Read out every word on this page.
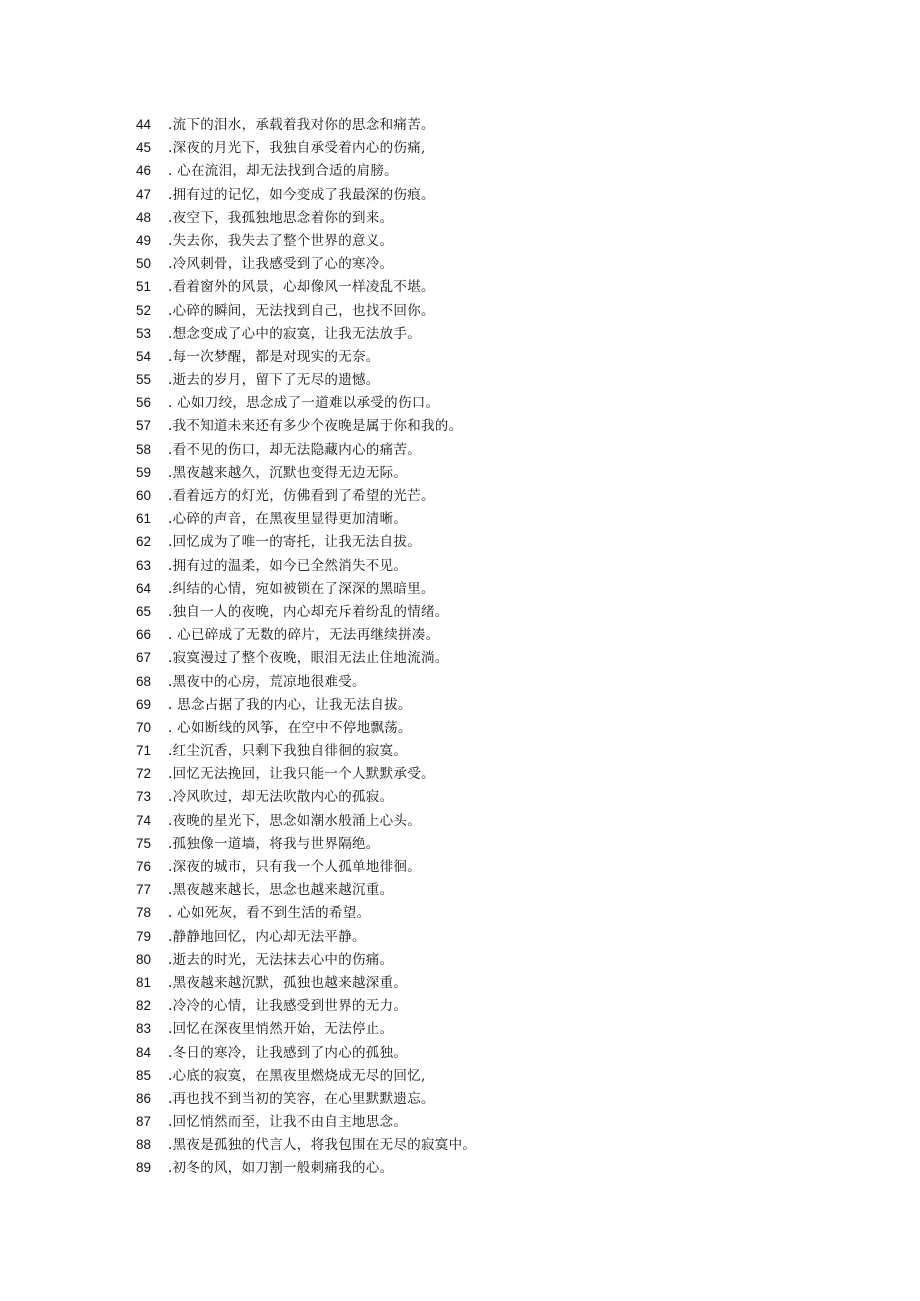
44	.流下的泪水，承载着我对你的思念和痛苦。
45	.深夜的月光下，我独自承受着内心的伤痛,
46	. 心在流泪，却无法找到合适的肩膀。
47	.拥有过的记忆，如今变成了我最深的伤痕。
48	.夜空下，我孤独地思念着你的到来。
49	.失去你，我失去了整个世界的意义。
50	.冷风刺骨，让我感受到了心的寒冷。
51	.看着窗外的风景，心却像风一样凌乱不堪。
52	.心碎的瞬间，无法找到自己，也找不回你。
53	.想念变成了心中的寂寞，让我无法放手。
54	.每一次梦醒，都是对现实的无奈。
55	.逝去的岁月，留下了无尽的遗憾。
56	. 心如刀绞，思念成了一道难以承受的伤口。
57	.我不知道未来还有多少个夜晚是属于你和我的。
58	.看不见的伤口，却无法隐藏内心的痛苦。
59	.黑夜越来越久，沉默也变得无边无际。
60	.看着远方的灯光，仿佛看到了希望的光芒。
61	.心碎的声音，在黑夜里显得更加清晰。
62	.回忆成为了唯一的寄托，让我无法自拔。
63	.拥有过的温柔，如今已全然消失不见。
64	.纠结的心情，宛如被锁在了深深的黑暗里。
65	.独自一人的夜晚，内心却充斥着纷乱的情绪。
66	. 心已碎成了无数的碎片，无法再继续拼凑。
67	.寂寞漫过了整个夜晚，眼泪无法止住地流淌。
68	.黑夜中的心房，荒凉地很难受。
69	. 思念占据了我的内心，让我无法自拔。
70	. 心如断线的风筝，在空中不停地飘荡。
71	.红尘沉香，只剩下我独自徘徊的寂寞。
72	.回忆无法挽回，让我只能一个人默默承受。
73	.冷风吹过，却无法吹散内心的孤寂。
74	.夜晚的星光下，思念如潮水般涌上心头。
75	.孤独像一道墙，将我与世界隔绝。
76	.深夜的城市，只有我一个人孤单地徘徊。
77	.黑夜越来越长，思念也越来越沉重。
78	. 心如死灰，看不到生活的希望。
79	.静静地回忆，内心却无法平静。
80	.逝去的时光，无法抹去心中的伤痛。
81	.黑夜越来越沉默，孤独也越来越深重。
82	.冷冷的心情，让我感受到世界的无力。
83	.回忆在深夜里悄然开始，无法停止。
84	.冬日的寒冷，让我感到了内心的孤独。
85	.心底的寂寞，在黑夜里燃烧成无尽的回忆,
86	.再也找不到当初的笑容，在心里默默遗忘。
87	.回忆悄然而至，让我不由自主地思念。
88	.黑夜是孤独的代言人，将我包围在无尽的寂寞中。
89	.初冬的风，如刀割一般刺痛我的心。
